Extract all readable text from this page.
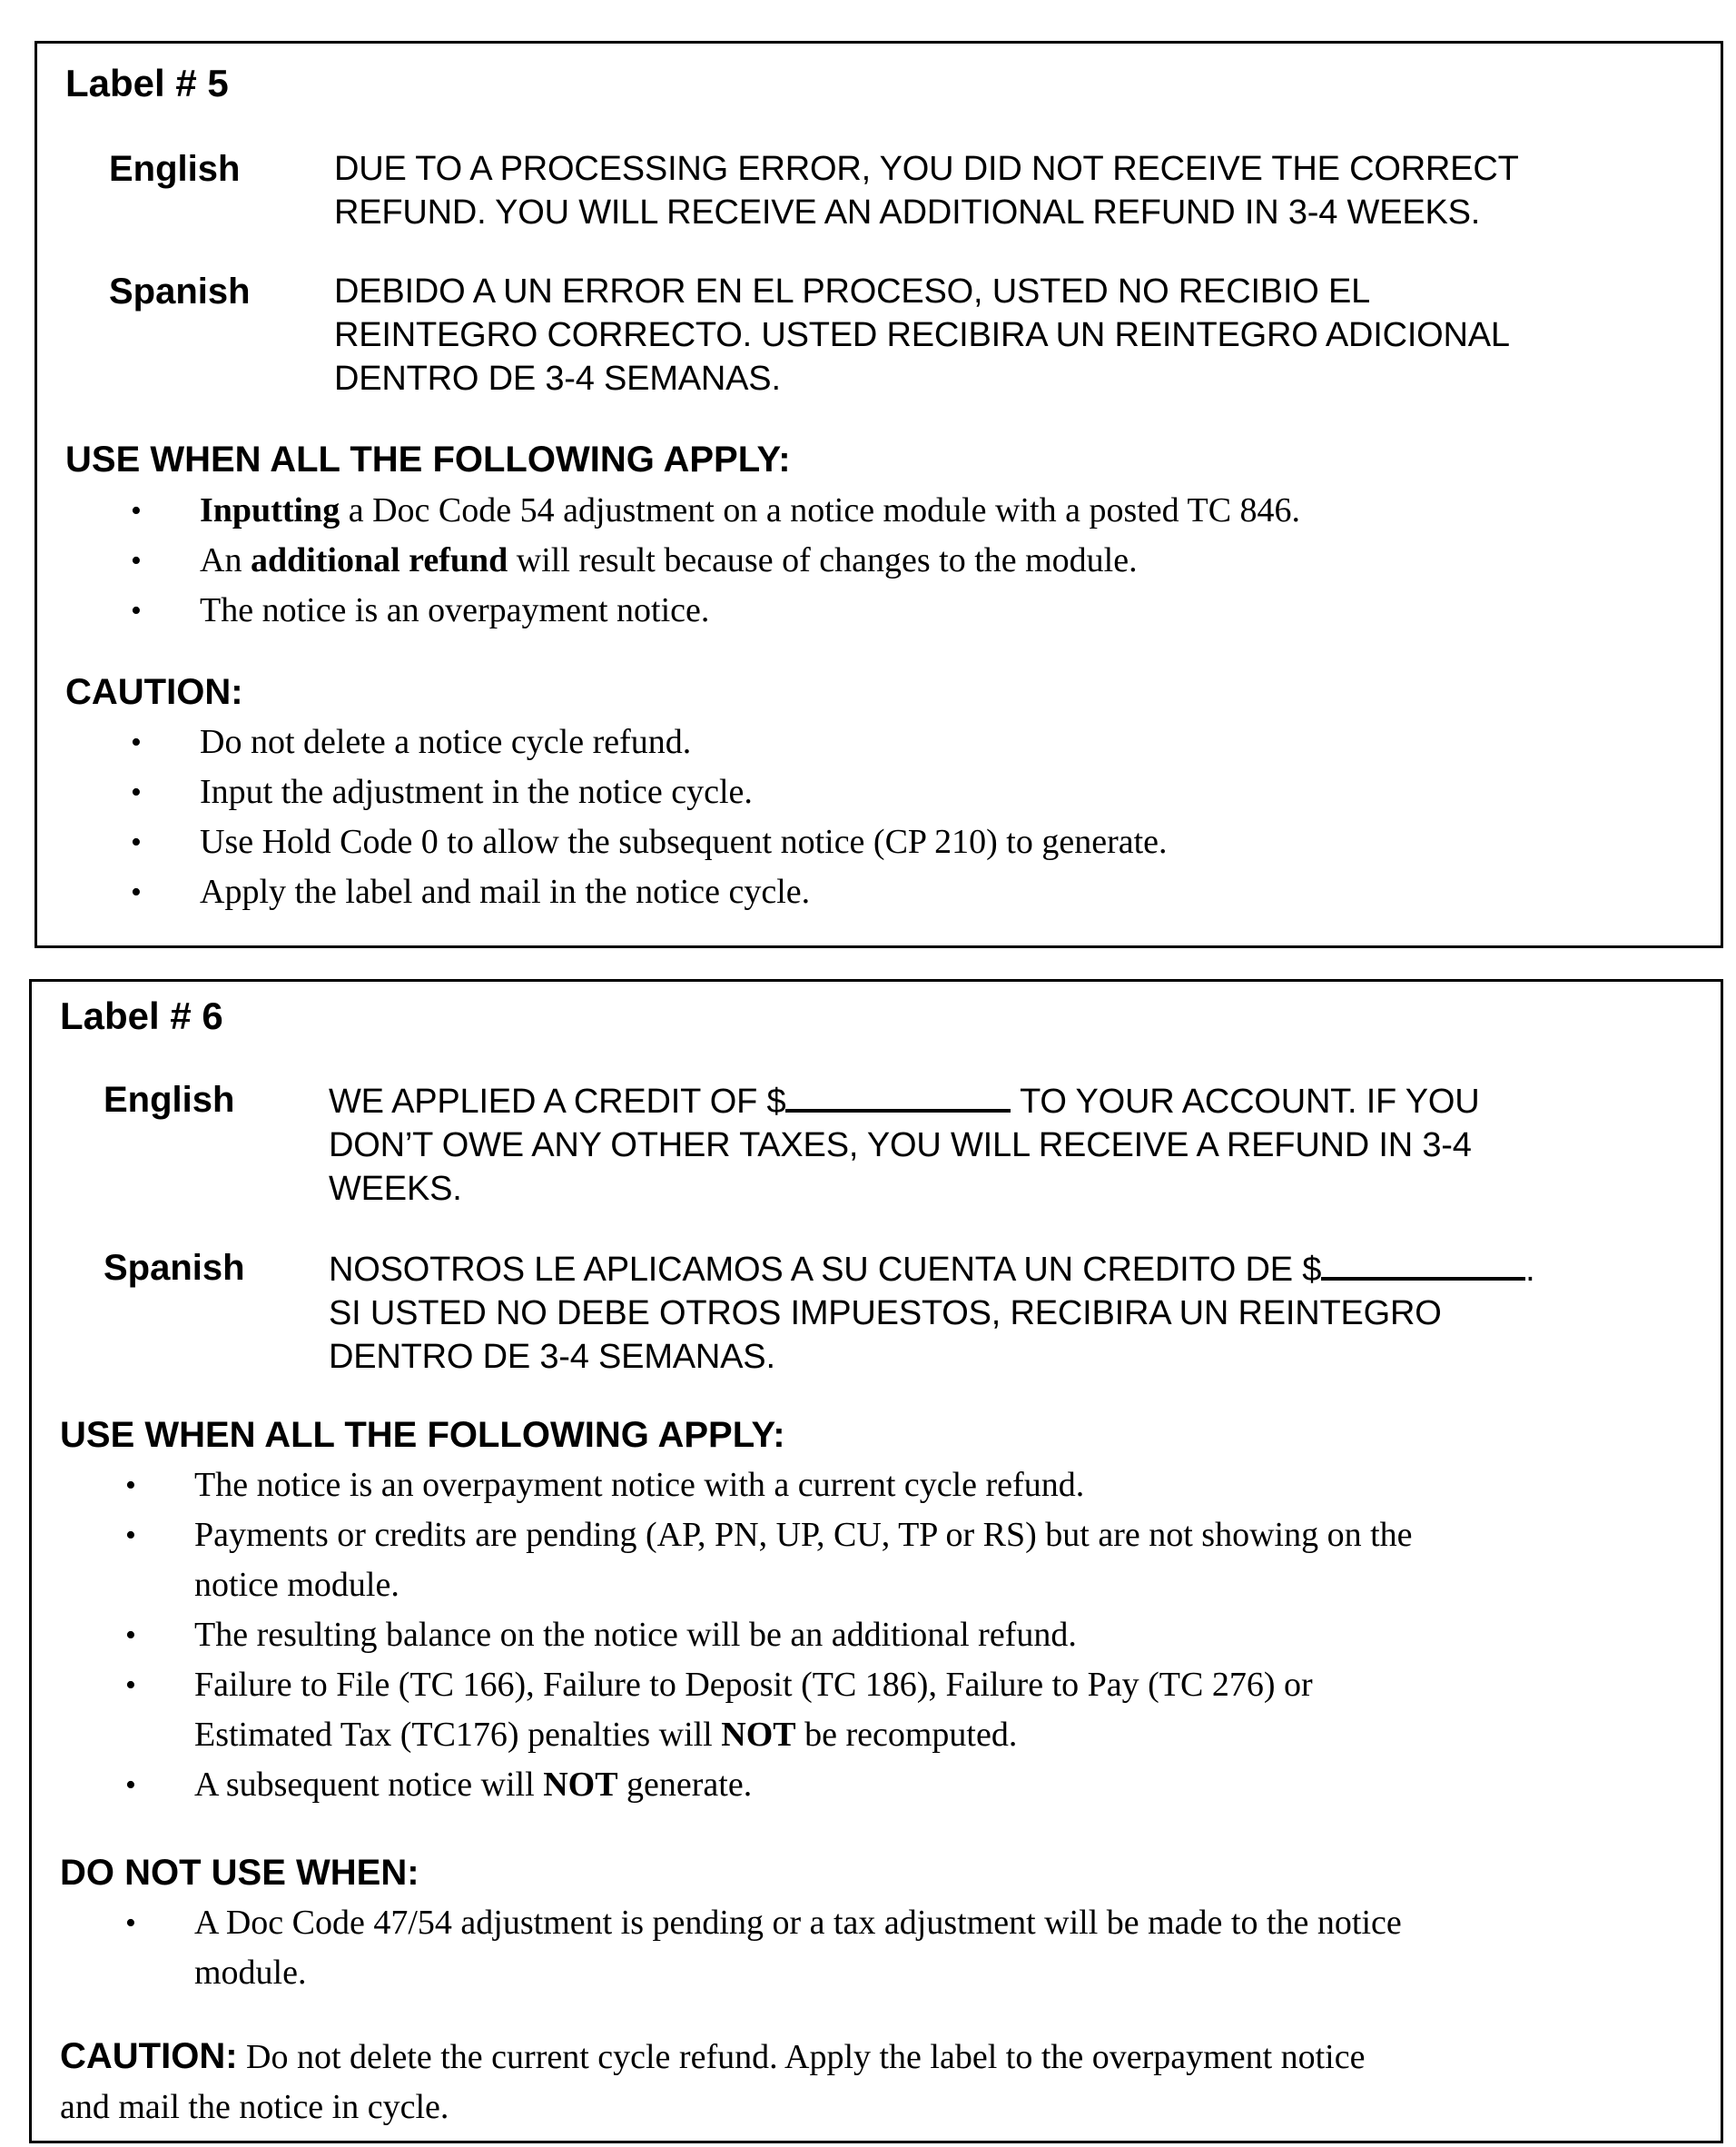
Label # 5
English	DUE TO A PROCESSING ERROR, YOU DID NOT RECEIVE THE CORRECT
REFUND. YOU WILL RECEIVE AN ADDITIONAL REFUND IN 3-4 WEEKS.
Spanish DEBIDO A UN ERROR EN EL PROCESO, USTED NO RECIBIO EL
REINTEGRO CORRECTO. USTED RECIBIRA UN REINTEGRO ADICIONAL
DENTRO DE 3-4 SEMANAS.
USE WHEN ALL THE FOLLOWING APPLY:
• Inputting a Doc Code 54 adjustment on a notice module with a posted TC 846.
• An additional refund will result because of changes to the module.
• The notice is an overpayment notice.
CAUTION:
• Do not delete a notice cycle refund.
• Input the adjustment in the notice cycle.
• Use Hold Code 0 to allow the subsequent notice (CP 210) to generate.
• Apply the label and mail in the notice cycle.
Label # 6
English	WE APPLIED A CREDIT OF $	TO YOUR ACCOUNT. IF YOU
DON’T OWE ANY OTHER TAXES, YOU WILL RECEIVE A REFUND IN 3-4
WEEKS.
Spanish NOSOTROS LE APLICAMOS A SU CUENTA UN CREDITO DE $	.
SI USTED NO DEBE OTROS IMPUESTOS, RECIBIRA UN REINTEGRO
DENTRO DE 3-4 SEMANAS.
USE WHEN ALL THE FOLLOWING APPLY:
• The notice is an overpayment notice with a current cycle refund.
• Payments or credits are pending (AP, PN, UP, CU, TP or RS) but are not showing on the
notice module.
• The resulting balance on the notice will be an additional refund.
• Failure to File (TC 166), Failure to Deposit (TC 186), Failure to Pay (TC 276) or
Estimated Tax (TC176) penalties will NOT be recomputed.
• A subsequent notice will NOT generate.
DO NOT USE WHEN:
• A Doc Code 47/54 adjustment is pending or a tax adjustment will be made to the notice
module.
CAUTION: Do not delete the current cycle refund. Apply the label to the overpayment notice
and mail the notice in cycle.
